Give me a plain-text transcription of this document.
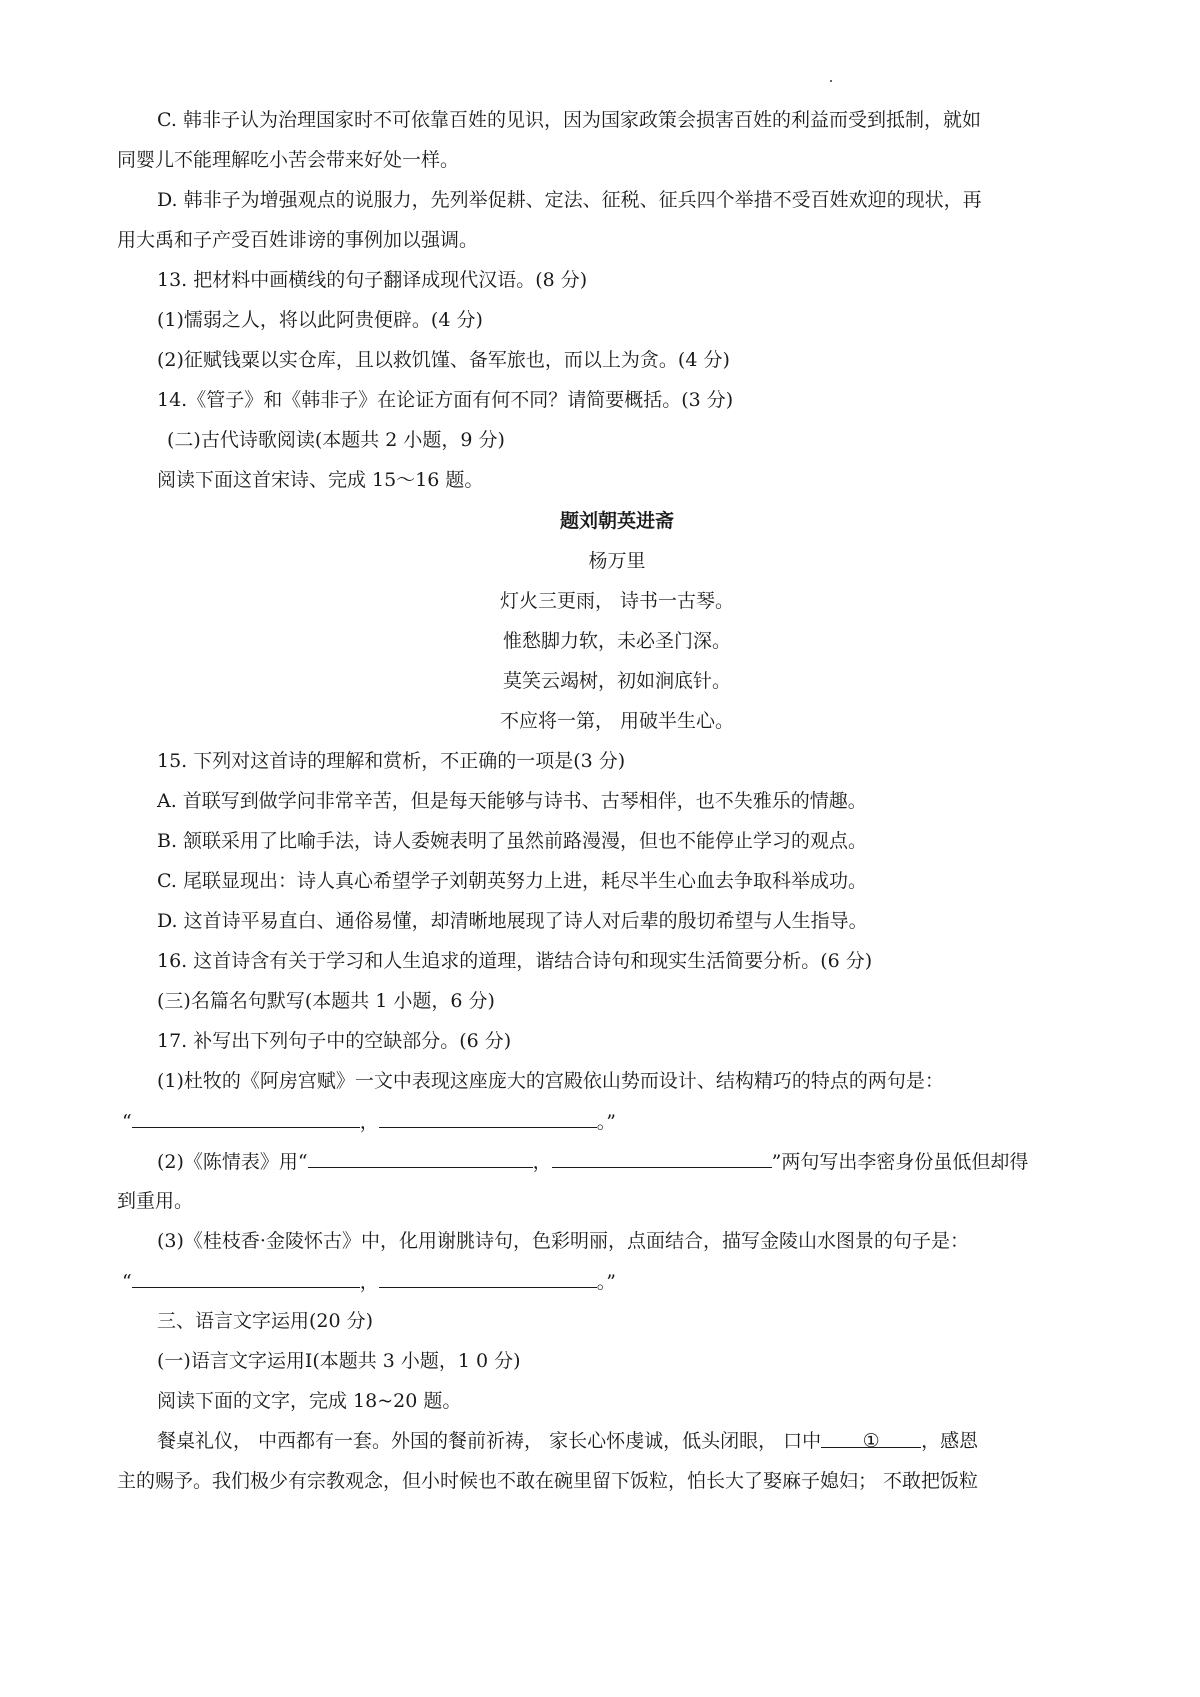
C. 韩非子认为治理国家时不可依靠百姓的见识，因为国家政策会损害百姓的利益而受到抵制，就如
同婴儿不能理解吃小苦会带来好处一样。
D. 韩非子为增强观点的说服力，先列举促耕、定法、征税、征兵四个举措不受百姓欢迎的现状，再
用大禹和子产受百姓诽谤的事例加以强调。
13. 把材料中画横线的句子翻译成现代汉语。(8 分)
(1)懦弱之人，将以此阿贵便辟。(4 分)
(2)征赋钱粟以实仓库，且以救饥馑、备军旅也，而以上为贪。(4 分)
14.《管子》和《韩非子》在论证方面有何不同？请简要概括。(3 分)
(二)古代诗歌阅读(本题共 2 小题，9 分)
阅读下面这首宋诗、完成 15～16 题。
题刘朝英进斋
杨万里
灯火三更雨， 诗书一古琴。
惟愁脚力软，未必圣门深。
莫笑云竭树，初如涧底针。
不应将一第， 用破半生心。
15. 下列对这首诗的理解和赏析，不正确的一项是(3 分)
A. 首联写到做学问非常辛苦，但是每天能够与诗书、古琴相伴，也不失雅乐的情趣。
B. 颔联采用了比喻手法，诗人委婉表明了虽然前路漫漫，但也不能停止学习的观点。
C. 尾联显现出：诗人真心希望学子刘朝英努力上进，耗尽半生心血去争取科举成功。
D. 这首诗平易直白、通俗易懂，却清晰地展现了诗人对后辈的殷切希望与人生指导。
16. 这首诗含有关于学习和人生追求的道理，谐结合诗句和现实生活简要分析。(6 分)
(三)名篇名句默写(本题共 1 小题，6 分)
17. 补写出下列句子中的空缺部分。(6 分)
(1)杜牧的《阿房宫赋》一文中表现这座庞大的宫殿依山势而设计、结构精巧的特点的两句是：
“	，	。”
(2)《陈情表》用“	，	”两句写出李密身份虽低但却得
到重用。
(3)《桂枝香·金陵怀古》中，化用谢朓诗句，色彩明丽，点面结合，描写金陵山水图景的句子是：
“	，	。”
三、语言文字运用(20 分)
(一)语言文字运用Ⅰ(本题共 3 小题，1 0 分)
阅读下面的文字，完成 18~20 题。
餐桌礼仪， 中西都有一套。外国的餐前祈祷， 家长心怀虔诚，低头闭眼， 口中 ① ，感恩
主的赐予。我们极少有宗教观念，但小时候也不敢在碗里留下饭粒，怕长大了娶麻子媳妇； 不敢把饭粒
